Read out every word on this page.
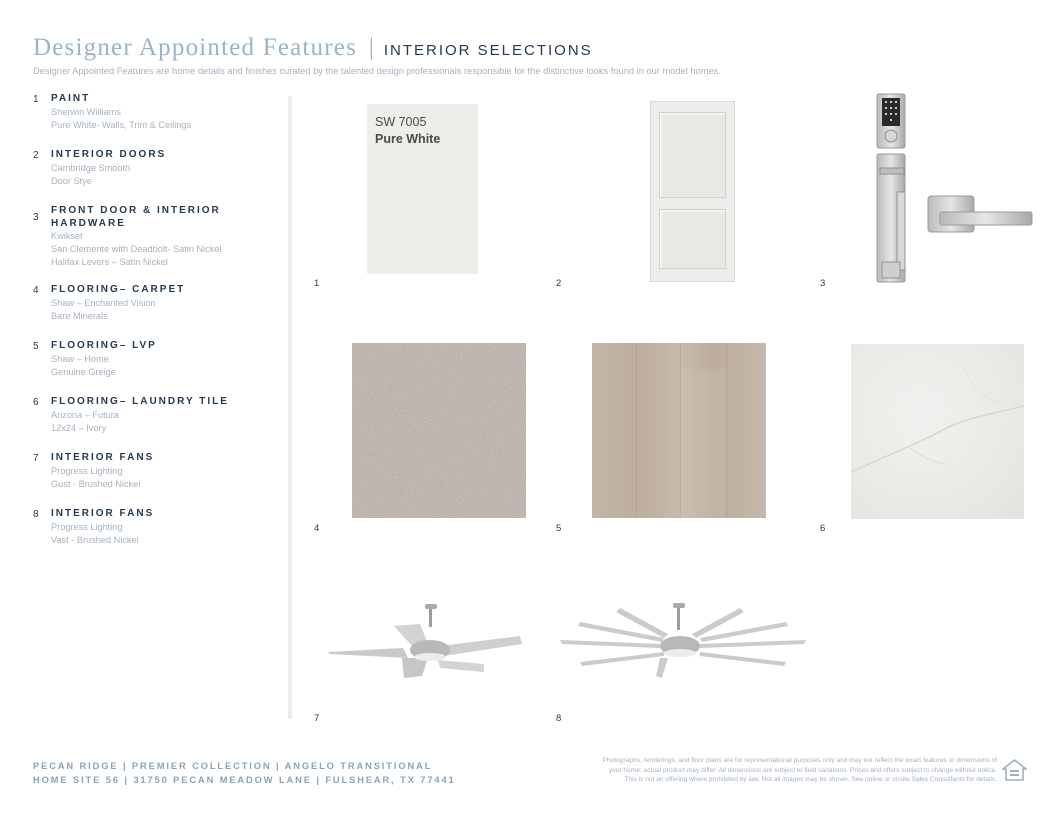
Designer Appointed Features | INTERIOR SELECTIONS
Designer Appointed Features are home details and finishes curated by the talented design professionals responsible for the distinctive looks found in our model homes.
1	PAINT
Sherwin Williams
Pure White- Walls, Trim & Ceilings
2	INTERIOR DOORS
Cambridge Smooth
Door Stye
3
FRONT DOOR & INTERIOR HARDWARE
Kwikset
San Clemente with Deadbolt- Satin Nickel
Halifax Levers – Satin Nickel
4	FLOORING– CARPET
Shaw – Enchanted Vision
Bare Minerals
5	FLOORING– LVP
Shaw – Home
Genuine Greige
6	FLOORING– LAUNDRY TILE
Arizona – Futura
12x24 – Ivory
7	INTERIOR FANS
Progress Lighting
Gust - Brushed Nickel
8	INTERIOR FANS
Progress Lighting
Vast - Brushed Nickel
SW 7005
Pure White
1	2	3
4	5	6
7	8
PECAN RIDGE | PREMIER COLLECTION | ANGELO TRANSITIONAL
HOME SITE 56 | 31750 PECAN MEADOW LANE | FULSHEAR, TX 77441
Photographs, renderings, and floor plans are for representational purposes only and may not reflect the exact features or dimensions of
your home; actual product may differ. All dimensions are subject to field variations. Prices and offers subject to change without notice.
This is not an offering where prohibited by law. Not all images may be shown. See online or onsite Sales Consultants for details.
